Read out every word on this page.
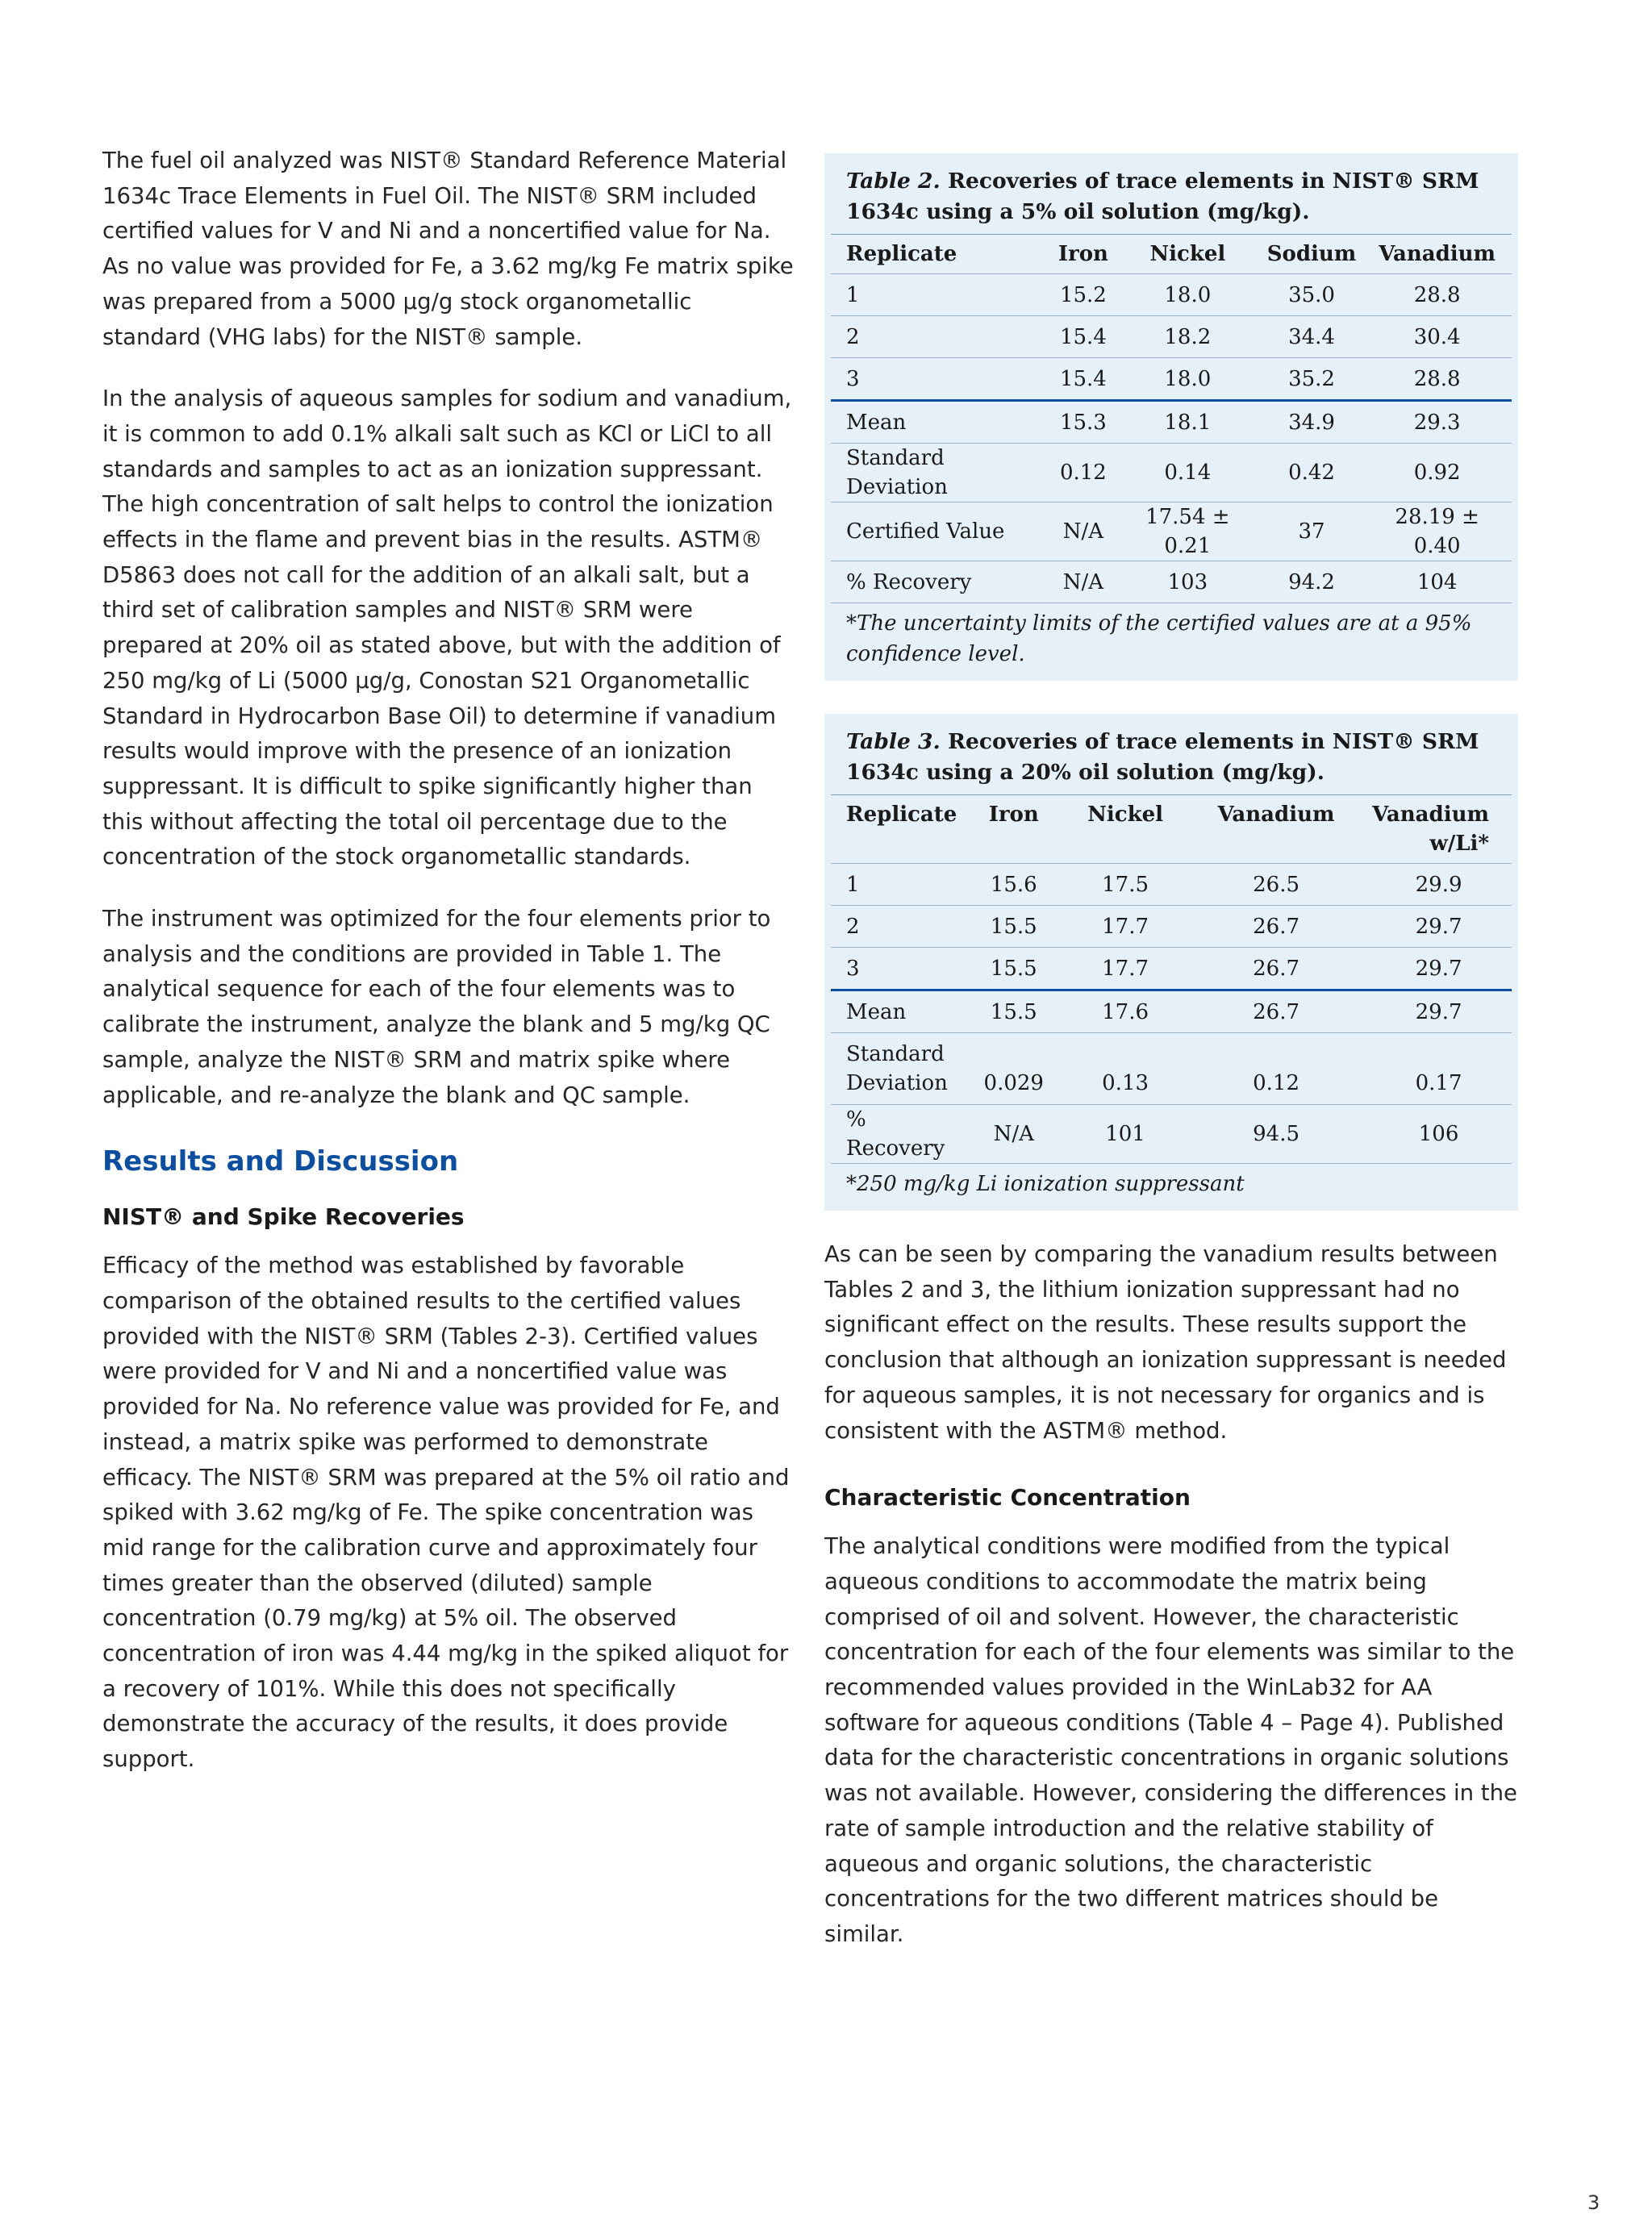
The fuel oil analyzed was NIST® Standard Reference Material 1634c Trace Elements in Fuel Oil. The NIST® SRM included certified values for V and Ni and a noncertified value for Na. As no value was provided for Fe, a 3.62 mg/kg Fe matrix spike was prepared from a 5000 μg/g stock organometallic standard (VHG labs) for the NIST® sample.

In the analysis of aqueous samples for sodium and vanadium, it is common to add 0.1% alkali salt such as KCl or LiCl to all standards and samples to act as an ionization suppressant. The high concentration of salt helps to control the ionization effects in the flame and prevent bias in the results. ASTM® D5863 does not call for the addition of an alkali salt, but a third set of calibration samples and NIST® SRM were prepared at 20% oil as stated above, but with the addition of 250 mg/kg of Li (5000 μg/g, Conostan S21 Organometallic Standard in Hydrocarbon Base Oil) to determine if vanadium results would improve with the presence of an ionization suppressant. It is difficult to spike significantly higher than this without affecting the total oil percentage due to the concentration of the stock organometallic standards.

The instrument was optimized for the four elements prior to analysis and the conditions are provided in Table 1. The analytical sequence for each of the four elements was to calibrate the instrument, analyze the blank and 5 mg/kg QC sample, analyze the NIST® SRM and matrix spike where applicable, and re-analyze the blank and QC sample.

Results and Discussion
NIST® and Spike Recoveries

Efficacy of the method was established by favorable comparison of the obtained results to the certified values provided with the NIST® SRM (Tables 2-3). Certified values were provided for V and Ni and a noncertified value was provided for Na. No reference value was provided for Fe, and instead, a matrix spike was performed to demonstrate efficacy. The NIST® SRM was prepared at the 5% oil ratio and spiked with 3.62 mg/kg of Fe. The spike concentration was mid range for the calibration curve and approximately four times greater than the observed (diluted) sample concentration (0.79 mg/kg) at 5% oil. The observed concentration of iron was 4.44 mg/kg in the spiked aliquot for a recovery of 101%. While this does not specifically demonstrate the accuracy of the results, it does provide support.

Table 2. Recoveries of trace elements in NIST® SRM 1634c using a 5% oil solution (mg/kg).
Replicate	Iron	Nickel	Sodium	Vanadium
1	15.2	18.0	35.0	28.8
2	15.4	18.2	34.4	30.4
3	15.4	18.0	35.2	28.8
Mean	15.3	18.1	34.9	29.3
Standard Deviation	0.12	0.14	0.42	0.92
Certified Value	N/A	17.54 ± 0.21	37	28.19 ± 0.40
% Recovery	N/A	103	94.2	104
*The uncertainty limits of the certified values are at a 95% confidence level.
Table 3. Recoveries of trace elements in NIST® SRM 1634c using a 20% oil solution (mg/kg).
Replicate	Iron	Nickel	Vanadium	Vanadium w/Li*
1	15.6	17.5	26.5	29.9
2	15.5	17.7	26.7	29.7
3	15.5	17.7	26.7	29.7
Mean	15.5	17.6	26.7	29.7
Standard Deviation	0.029	0.13	0.12	0.17
% Recovery	N/A	101	94.5	106
*250 mg/kg Li ionization suppressant

As can be seen by comparing the vanadium results between Tables 2 and 3, the lithium ionization suppressant had no significant effect on the results. These results support the conclusion that although an ionization suppressant is needed for aqueous samples, it is not necessary for organics and is consistent with the ASTM® method.

Characteristic Concentration

The analytical conditions were modified from the typical aqueous conditions to accommodate the matrix being comprised of oil and solvent. However, the characteristic concentration for each of the four elements was similar to the recommended values provided in the WinLab32 for AA software for aqueous conditions (Table 4 – Page 4). Published data for the characteristic concentrations in organic solutions was not available. However, considering the differences in the rate of sample introduction and the relative stability of aqueous and organic solutions, the characteristic concentrations for the two different matrices should be similar.

3
